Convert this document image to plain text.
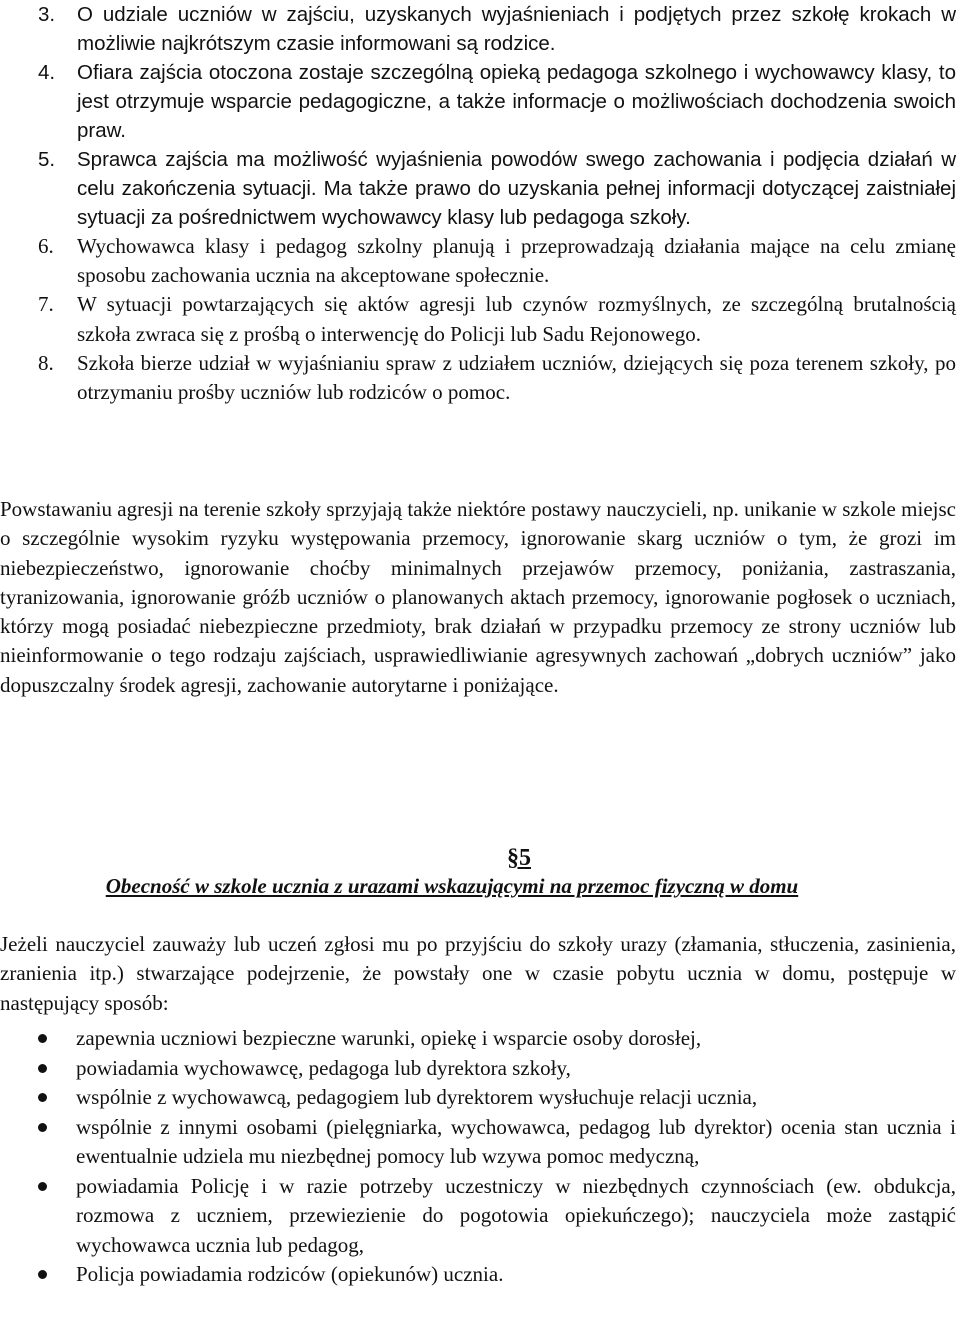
3. O udziale uczniów w zajściu, uzyskanych wyjaśnieniach i podjętych przez szkołę krokach w możliwie najkrótszym czasie informowani są rodzice.
4. Ofiara zajścia otoczona zostaje szczególną opieką pedagoga szkolnego i wychowawcy klasy, to jest otrzymuje wsparcie pedagogiczne, a także informacje o możliwościach dochodzenia swoich praw.
5. Sprawca zajścia ma możliwość wyjaśnienia powodów swego zachowania i podjęcia działań w celu zakończenia sytuacji. Ma także prawo do uzyskania pełnej informacji dotyczącej zaistniałej sytuacji za pośrednictwem wychowawcy klasy lub pedagoga szkoły.
6. Wychowawca klasy i pedagog szkolny planują i przeprowadzają działania mające na celu zmianę sposobu zachowania ucznia na akceptowane społecznie.
7. W sytuacji powtarzających się aktów agresji lub czynów rozmyślnych, ze szczególną brutalnością szkoła zwraca się z prośbą o interwencję do Policji lub Sadu Rejonowego.
8. Szkoła bierze udział w wyjaśnianiu spraw z udziałem uczniów, dziejących się poza terenem szkoły, po otrzymaniu prośby uczniów lub rodziców o pomoc.

Powstawaniu agresji na terenie szkoły sprzyjają także niektóre postawy nauczycieli, np. unikanie w szkole miejsc o szczególnie wysokim ryzyku występowania przemocy, ignorowanie skarg uczniów o tym, że grozi im niebezpieczeństwo, ignorowanie choćby minimalnych przejawów przemocy, poniżania, zastraszania, tyranizowania, ignorowanie gróźb uczniów o planowanych aktach przemocy, ignorowanie pogłosek o uczniach, którzy mogą posiadać niebezpieczne przedmioty, brak działań w przypadku przemocy ze strony uczniów lub nieinformowanie o tego rodzaju zajściach, usprawiedliwianie agresywnych zachowań „dobrych uczniów” jako dopuszczalny środek agresji, zachowanie autorytarne i poniżające.

§5
Obecność w szkole ucznia z urazami wskazującymi na przemoc fizyczną w domu

Jeżeli nauczyciel zauważy lub uczeń zgłosi mu po przyjściu do szkoły urazy (złamania, stłuczenia, zasinienia, zranienia itp.) stwarzające podejrzenie, że powstały one w czasie pobytu ucznia w domu, postępuje w następujący sposób:

zapewnia uczniowi bezpieczne warunki, opiekę i wsparcie osoby dorosłej,
powiadamia wychowawcę, pedagoga lub dyrektora szkoły,
wspólnie z wychowawcą, pedagogiem lub dyrektorem wysłuchuje relacji ucznia,
wspólnie z innymi osobami (pielęgniarka, wychowawca, pedagog lub dyrektor) ocenia stan ucznia i ewentualnie udziela mu niezbędnej pomocy lub wzywa pomoc medyczną,
powiadamia Policję i w razie potrzeby uczestniczy w niezbędnych czynnościach (ew. obdukcja, rozmowa z uczniem, przewiezienie do pogotowia opiekuńczego); nauczyciela może zastąpić wychowawca ucznia lub pedagog,
Policja powiadamia rodziców (opiekunów) ucznia.
